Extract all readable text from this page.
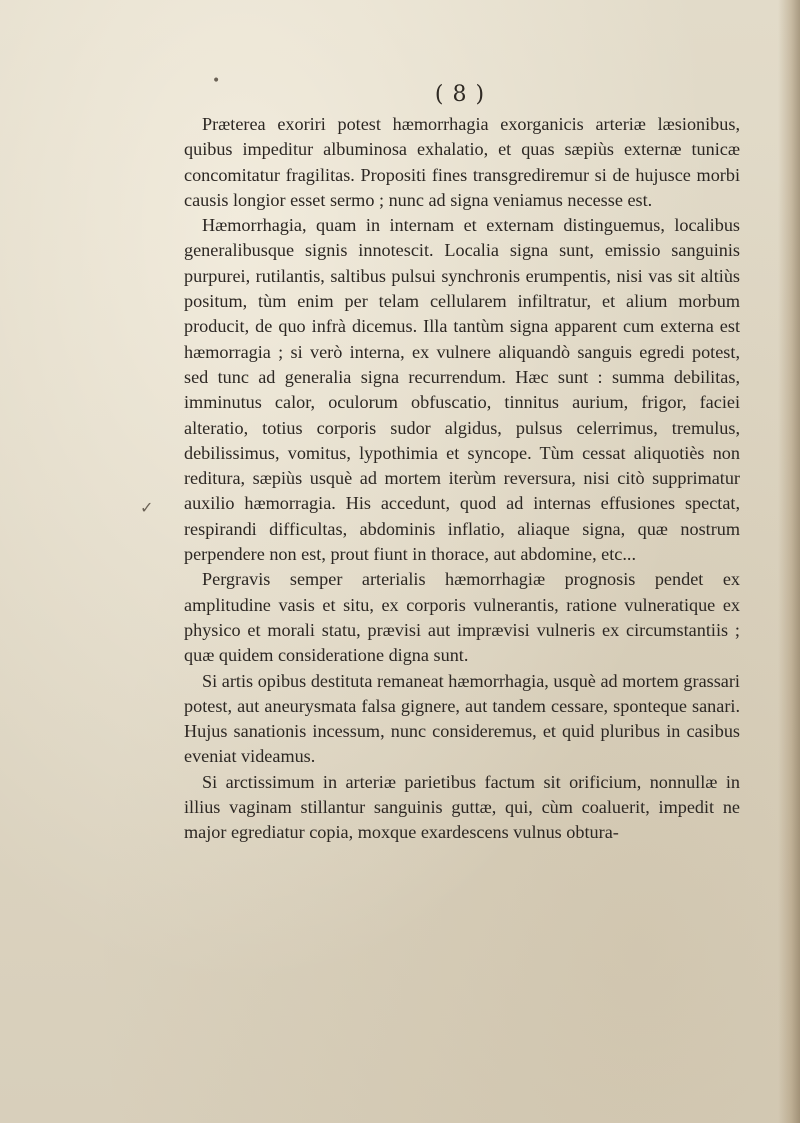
•
✓
( 8 )

Præterea exoriri potest hæmorrhagia exorganicis arteriæ læsionibus, quibus impeditur albuminosa exhalatio, et quas sæpiùs externæ tunicæ concomitatur fragilitas. Propositi fines transgrediremur si de hujusce morbi causis longior esset sermo ; nunc ad signa veniamus necesse est.

Hæmorrhagia, quam in internam et externam distinguemus, localibus generalibusque signis innotescit. Localia signa sunt, emissio sanguinis purpurei, rutilantis, saltibus pulsui synchronis erumpentis, nisi vas sit altiùs positum, tùm enim per telam cellularem infiltratur, et alium morbum producit, de quo infrà dicemus. Illa tantùm signa apparent cum externa est hæmorragia ; si verò interna, ex vulnere aliquandò sanguis egredi potest, sed tunc ad generalia signa recurrendum. Hæc sunt : summa debilitas, imminutus calor, oculorum obfuscatio, tinnitus aurium, frigor, faciei alteratio, totius corporis sudor algidus, pulsus celerrimus, tremulus, debilissimus, vomitus, lypothimia et syncope. Tùm cessat aliquotiès non reditura, sæpiùs usquè ad mortem iterùm reversura, nisi citò supprimatur auxilio hæmorragia. His accedunt, quod ad internas effusiones spectat, respirandi difficultas, abdominis inflatio, aliaque signa, quæ nostrum perpendere non est, prout fiunt in thorace, aut abdomine, etc...

Pergravis semper arterialis hæmorrhagiæ prognosis pendet ex amplitudine vasis et situ, ex corporis vulnerantis, ratione vulneratique ex physico et morali statu, prævisi aut imprævisi vulneris ex circumstantiis ; quæ quidem consideratione digna sunt.

Si artis opibus destituta remaneat hæmorrhagia, usquè ad mortem grassari potest, aut aneurysmata falsa gignere, aut tandem cessare, sponteque sanari. Hujus sanationis incessum, nunc consideremus, et quid pluribus in casibus eveniat videamus.

Si arctissimum in arteriæ parietibus factum sit orificium, nonnullæ in illius vaginam stillantur sanguinis guttæ, qui, cùm coaluerit, impedit ne major egrediatur copia, moxque exardescens vulnus obtura-
